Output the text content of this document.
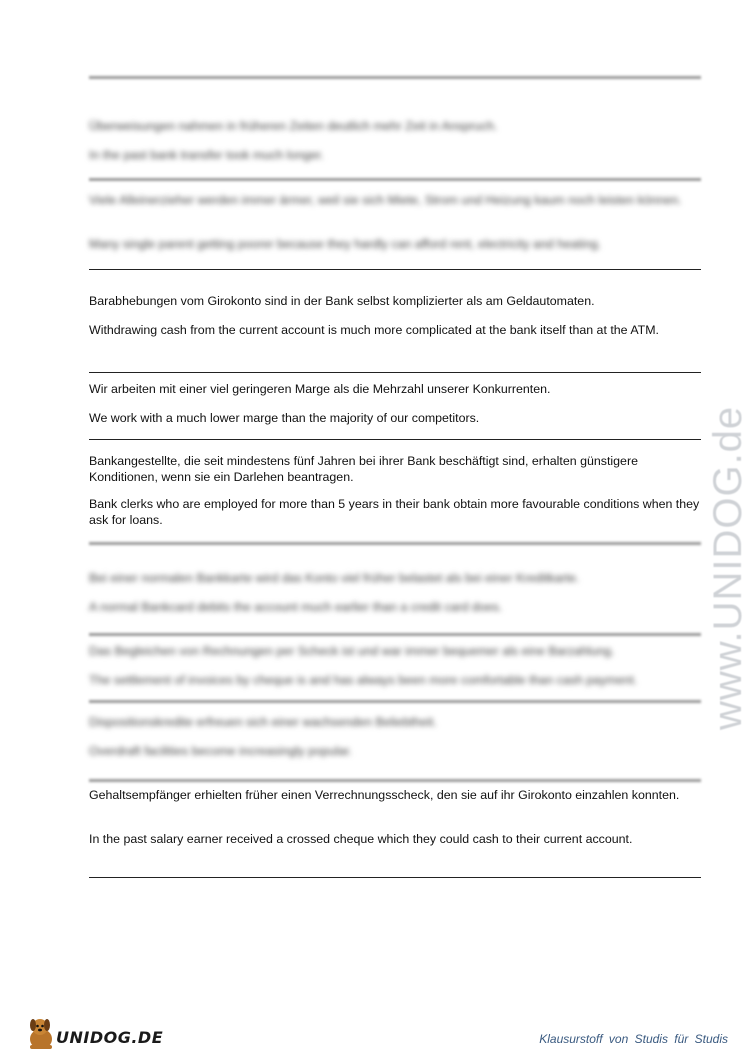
Überweisungen nahmen in früheren Zeiten deutlich mehr Zeit in Anspruch.

In the past bank transfer took much longer.

Viele Alleinerzieher werden immer ärmer, weil sie sich Miete, Strom und Heizung kaum noch leisten können.

Many single parent getting poorer because they hardly can afford rent, electricity and heating.

Barabhebungen vom Girokonto sind in der Bank selbst komplizierter als am Geldautomaten.

Withdrawing cash from the current account is much more complicated at the bank itself than at the ATM.

Wir arbeiten mit einer viel geringeren Marge als die Mehrzahl unserer Konkurrenten.

We work with a much lower marge than the majority of our competitors.

Bankangestellte, die seit mindestens fünf Jahren bei ihrer Bank beschäftigt sind, erhalten günstigere Konditionen, wenn sie ein Darlehen beantragen.

Bank clerks who are employed for more than 5 years in their bank obtain more favourable conditions when they ask for loans.

Bei einer normalen Bankkarte wird das Konto viel früher belastet als bei einer Kreditkarte.

A normal Bankcard debits the account much earlier than a credit card does.

Das Begleichen von Rechnungen per Scheck ist und war immer bequemer als eine Barzahlung.

The settlement of invoices by cheque is and has always been more comfortable than cash payment.

Dispositionskredite erfreuen sich einer wachsenden Beliebtheit.

Overdraft facilities become increasingly popular.

Gehaltsempfänger erhielten früher einen Verrechnungsscheck, den sie auf ihr Girokonto einzahlen konnten.

In the past salary earner received a crossed cheque which they could cash to their current account.

www.UNIDOG.de
UNIDOG.DE	Klausurstoff von Studis für Studis
